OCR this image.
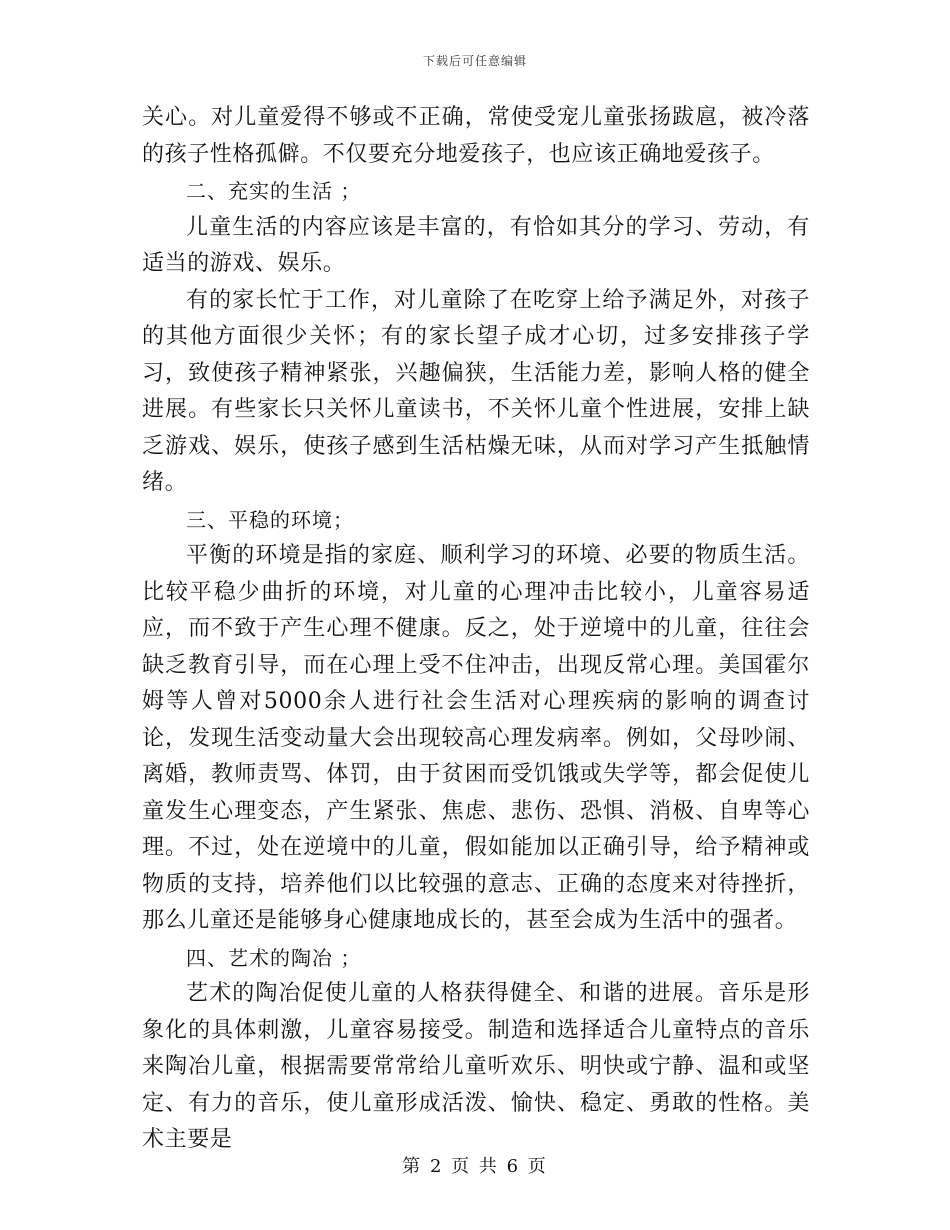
下载后可任意编辑

关心。对儿童爱得不够或不正确，常使受宠儿童张扬跋扈，被冷落的孩子性格孤僻。不仅要充分地爱孩子，也应该正确地爱孩子。

二、充实的生活 ；

儿童生活的内容应该是丰富的，有恰如其分的学习、劳动，有适当的游戏、娱乐。

有的家长忙于工作，对儿童除了在吃穿上给予满足外，对孩子的其他方面很少关怀；有的家长望子成才心切，过多安排孩子学习，致使孩子精神紧张，兴趣偏狭，生活能力差，影响人格的健全进展。有些家长只关怀儿童读书，不关怀儿童个性进展，安排上缺乏游戏、娱乐，使孩子感到生活枯燥无味，从而对学习产生抵触情绪。

三、平稳的环境；

平衡的环境是指的家庭、顺利学习的环境、必要的物质生活。比较平稳少曲折的环境，对儿童的心理冲击比较小，儿童容易适应，而不致于产生心理不健康。反之，处于逆境中的儿童，往往会缺乏教育引导，而在心理上受不住冲击，出现反常心理。美国霍尔姆等人曾对5000余人进行社会生活对心理疾病的影响的调查讨论，发现生活变动量大会出现较高心理发病率。例如，父母吵闹、离婚，教师责骂、体罚，由于贫困而受饥饿或失学等，都会促使儿童发生心理变态，产生紧张、焦虑、悲伤、恐惧、消极、自卑等心理。不过，处在逆境中的儿童，假如能加以正确引导，给予精神或物质的支持，培养他们以比较强的意志、正确的态度来对待挫折，那么儿童还是能够身心健康地成长的，甚至会成为生活中的强者。

四、艺术的陶冶 ；

艺术的陶冶促使儿童的人格获得健全、和谐的进展。音乐是形象化的具体刺激，儿童容易接受。制造和选择适合儿童特点的音乐来陶冶儿童，根据需要常常给儿童听欢乐、明快或宁静、温和或坚定、有力的音乐，使儿童形成活泼、愉快、稳定、勇敢的性格。美术主要是

第 2 页 共 6 页
